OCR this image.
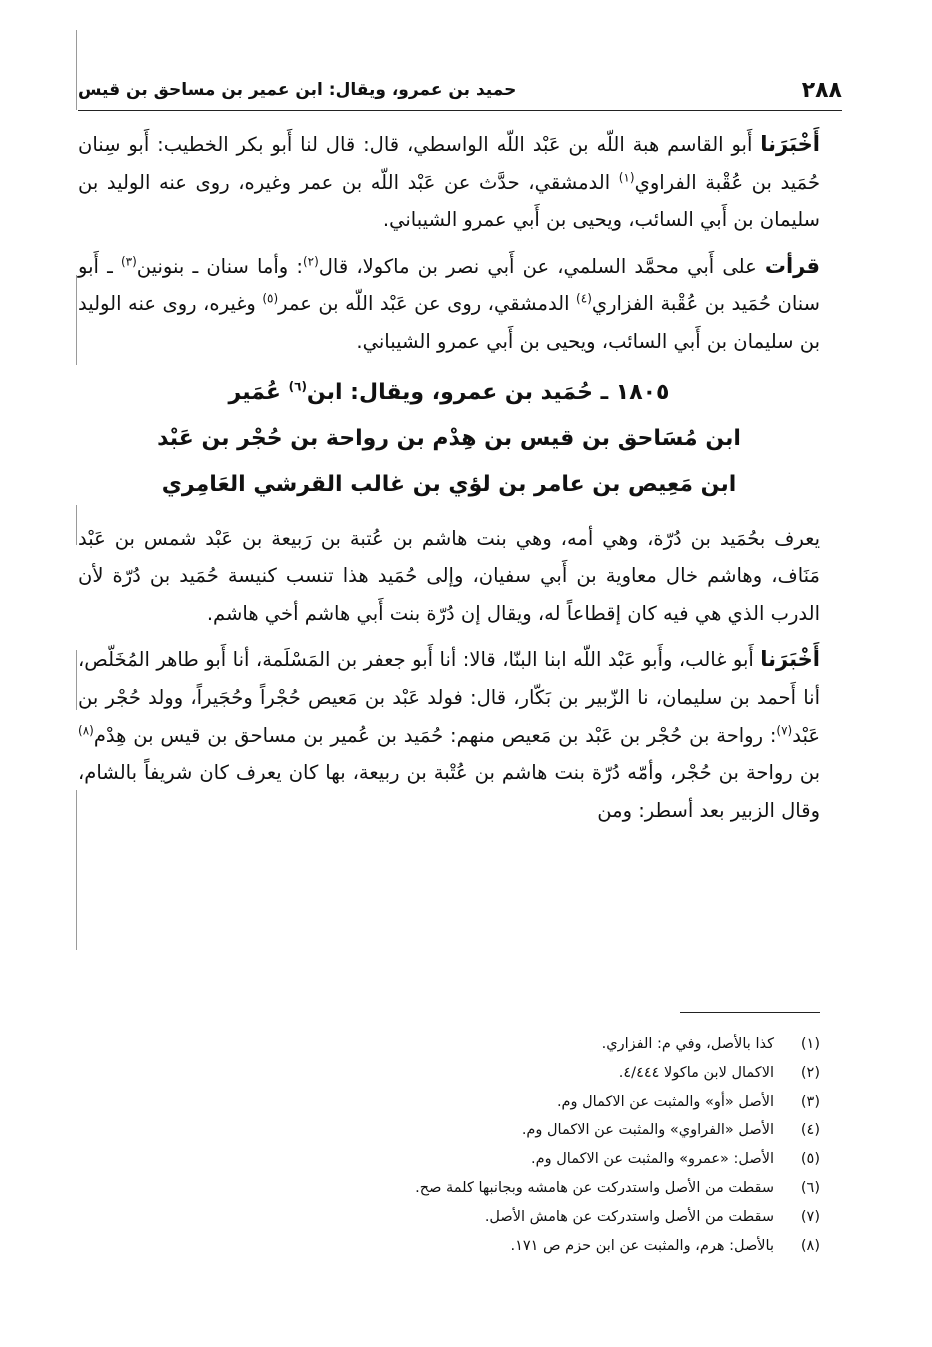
٢٨٨
حميد بن عمرو، ويقال: ابن عمير بن مساحق بن قيس

أَخْبَرَنا أَبو القاسم هبة اللّه بن عَبْد اللّه الواسطي، قال: قال لنا أَبو بكر الخطيب: أَبو سِنان حُمَيد بن عُقْبة الفراوي$^{(١)}$ الدمشقي، حدَّث عن عَبْد اللّه بن عمر وغيره، روى عنه الوليد بن سليمان بن أَبي السائب، ويحيى بن أَبي عمرو الشيباني.

قرأت على أَبي محمَّد السلمي، عن أَبي نصر بن ماكولا، قال$^{(٢)}$: وأما سنان ـ بنونين$^{(٣)}$ ـ أَبو سنان حُمَيد بن عُقْبة الفزاري$^{(٤)}$ الدمشقي، روى عن عَبْد اللّه بن عمر$^{(٥)}$ وغيره، روى عنه الوليد بن سليمان بن أَبي السائب، ويحيى بن أَبي عمرو الشيباني.

١٨٠٥ ـ حُمَيد بن عمرو، ويقال: ابن$^{(٦)}$ عُمَير
ابن مُسَاحق بن قيس بن هِدْم بن رواحة بن حُجْر بن عَبْد
ابن مَعِيص بن عامر بن لؤي بن غالب القرشي العَامِري

يعرف بحُمَيد بن دُرّة، وهي أمه، وهي بنت هاشم بن عُتبة بن رَبيعة بن عَبْد شمس بن عَبْد مَنَاف، وهاشم خال معاوية بن أَبي سفيان، وإلى حُمَيد هذا تنسب كنيسة حُمَيد بن دُرّة لأن الدرب الذي هي فيه كان إقطاعاً له، ويقال إن دُرّة بنت أَبي هاشم أخي هاشم.

أَخْبَرَنا أَبو غالب، وأَبو عَبْد اللّه ابنا البنّا، قالا: أنا أَبو جعفر بن المَسْلَمة، أنا أَبو طاهر المُخَلّص، أنا أَحمد بن سليمان، نا الزّبير بن بَكّار، قال: فولد عَبْد بن مَعيص حُجْراً وحُجَيراً، وولد حُجْر بن عَبْد$^{(٧)}$: رواحة بن حُجْر بن عَبْد بن مَعيص منهم: حُمَيد بن عُمير بن مساحق بن قيس بن هِدْم$^{(٨)}$ بن رواحة بن حُجْر، وأمّه دُرّة بنت هاشم بن عُتْبة بن ربيعة، بها كان يعرف كان شريفاً بالشام، وقال الزبير بعد أسطر: ومن

(١)
كذا بالأصل، وفي م: الفزاري.
(٢)
الاكمال لابن ماكولا ٤/٤٤٤.
(٣)
الأصل «أو» والمثبت عن الاكمال وم.
(٤)
الأصل «الفراوي» والمثبت عن الاكمال وم.
(٥)
الأصل: «عمرو» والمثبت عن الاكمال وم.
(٦)
سقطت من الأصل واستدركت عن هامشه وبجانبها كلمة صح.
(٧)
سقطت من الأصل واستدركت عن هامش الأصل.
(٨)
بالأصل: هرم، والمثبت عن ابن حزم ص ١٧١.
